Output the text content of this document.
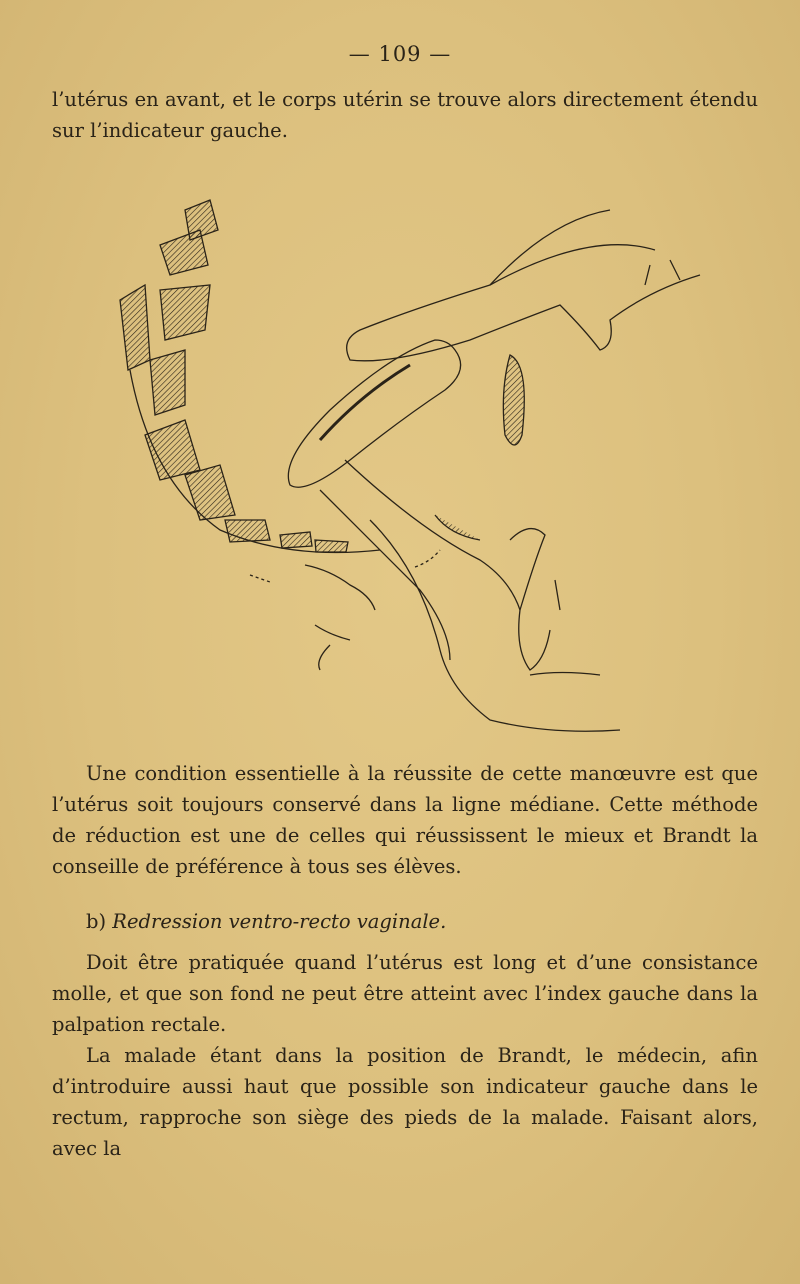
— 109 —
l’utérus en avant, et le corps utérin se trouve alors directement étendu sur l’indicateur gauche.

Une condition essentielle à la réussite de cette manœuvre est que l’utérus soit toujours conservé dans la ligne médiane. Cette méthode de réduction est une de celles qui réussissent le mieux et Brandt la conseille de préférence à tous ses élèves.

b) Redression ventro-recto vaginale.

Doit être pratiquée quand l’utérus est long et d’une consistance molle, et que son fond ne peut être atteint avec l’index gauche dans la palpation rectale.

La malade étant dans la position de Brandt, le médecin, afin d’introduire aussi haut que possible son indicateur gauche dans le rectum, rapproche son siège des pieds de la malade. Faisant alors, avec la
